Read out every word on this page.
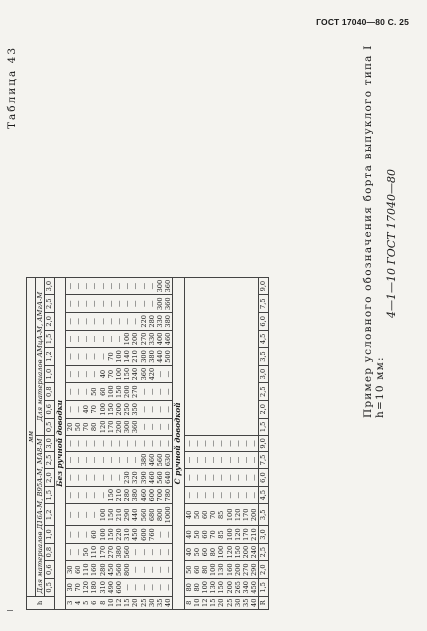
ГОСТ 17040—80 С. 25
Таблица 43
h	мм																	
	Для материалов Д16А-М, В95А-М, МА8-М									Для материалов АМцА-М, АМгА-М								
	0,5	0,6	0,8	1,0	1,2	1,5	2,0	2,5	3,0	0,5	0,6	0,8	1,0	1,2	1,5	2,0	2,5	3,0
Без ручной доводки																		
3	30	30	—	—	—	—	—	—	—	20	—	—	—	—	—	—	—	—
4	70	60	—	—	—	—	—	—	—	50	—	—	—	—	—	—	—	—
5	120	110	50	—	—	—	—	—	—	70	40	—	—	—	—	—	—	—
6	180	160	110	60	—	—	—	—	—	80	70	50	—	—	—	—	—	—
8	310	280	170	100	100	—	—	—	—	120	100	60	40	—	—	—	—	—
10	490	450	270	150	150	150	—	—	—	170	150	100	70	70	—	—	—	—
12	600	560	380	220	210	210	—	—	—	200	200	150	100	100	—	—	—	—
15	—	800	560	310	290	280	230	—	—	300	250	200	150	140	100	—	—	—
20	—	—	—	450	440	380	320	—	—	360	350	270	240	210	200	—	—	—
25	—	—	—	600	560	460	390	380	—	—	—	—	360	300	270	220	—	—
30	—	—	—	760	680	600	460	460	—	—	—	—	420	380	330	280	—	—
35	—	—	—	—	800	700	560	560	—	—	—	—	—	440	400	330	300	300
40	—	—	—	—	1000	780	640	630	—	—	—	—	—	500	460	380	360	360
С ручной доводкой																		
8	80	50	40	40	40	—	—	—	—									
10	80	60	50	50	50	—	—	—	—									
12	100	80	60	60	60	—	—	—	—									
15	130	100	80	70	70	—	—	—	—									
20	150	130	100	85	85	—	—	—	—									
25	200	160	120	100	100	—	—	—	—									
30	265	200	150	120	120	—	—	—	—									
35	340	270	200	170	170	—	—	—	—									
40	450	290	240	210	200	—	—	—	—									
R	1,5	2,0	2,5	3,0	3,5	4,5	6,0	7,5	9,0	1,5	2,0	2,5	3,0	3,5	4,5	6,0	7,5	9,0	Пример условного обозначения борта выпуклого типа I h=10 мм:
4—1—10 ГОСТ 17040—80
